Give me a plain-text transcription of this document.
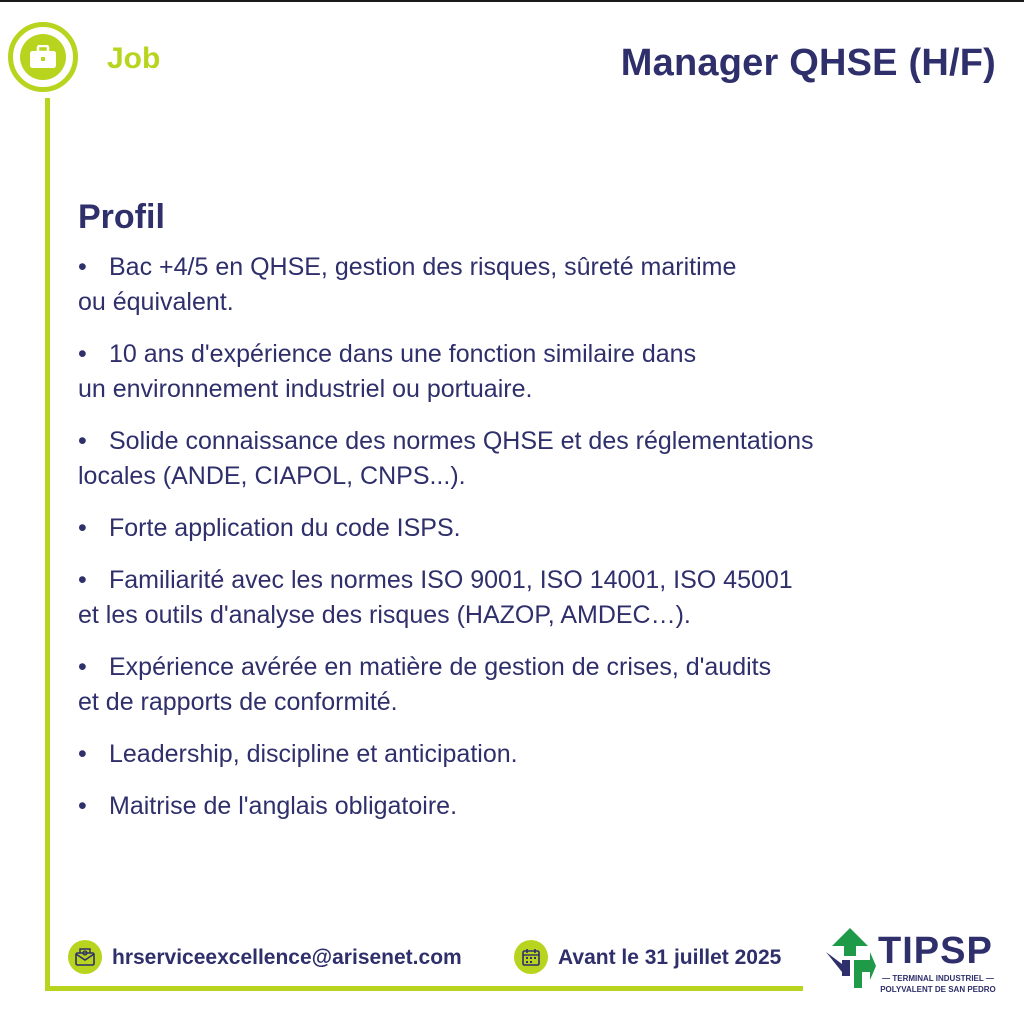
Job	Manager QHSE (H/F)
Profil
• Bac +4/5 en QHSE, gestion des risques, sûreté maritime
ou équivalent.
• 10 ans d'expérience dans une fonction similaire dans
un environnement industriel ou portuaire.
• Solide connaissance des normes QHSE et des réglementations
locales (ANDE, CIAPOL, CNPS...).
• Forte application du code ISPS.
• Familiarité avec les normes ISO 9001, ISO 14001, ISO 45001
et les outils d'analyse des risques (HAZOP, AMDEC…).
• Expérience avérée en matière de gestion de crises, d'audits
et de rapports de conformité.
• Leadership, discipline et anticipation.
• Maitrise de l'anglais obligatoire.
hrserviceexcellence@arisenet.com	Avant le 31 juillet 2025	TIPSP
— TERMINAL INDUSTRIEL —
POLYVALENT DE SAN PEDRO
